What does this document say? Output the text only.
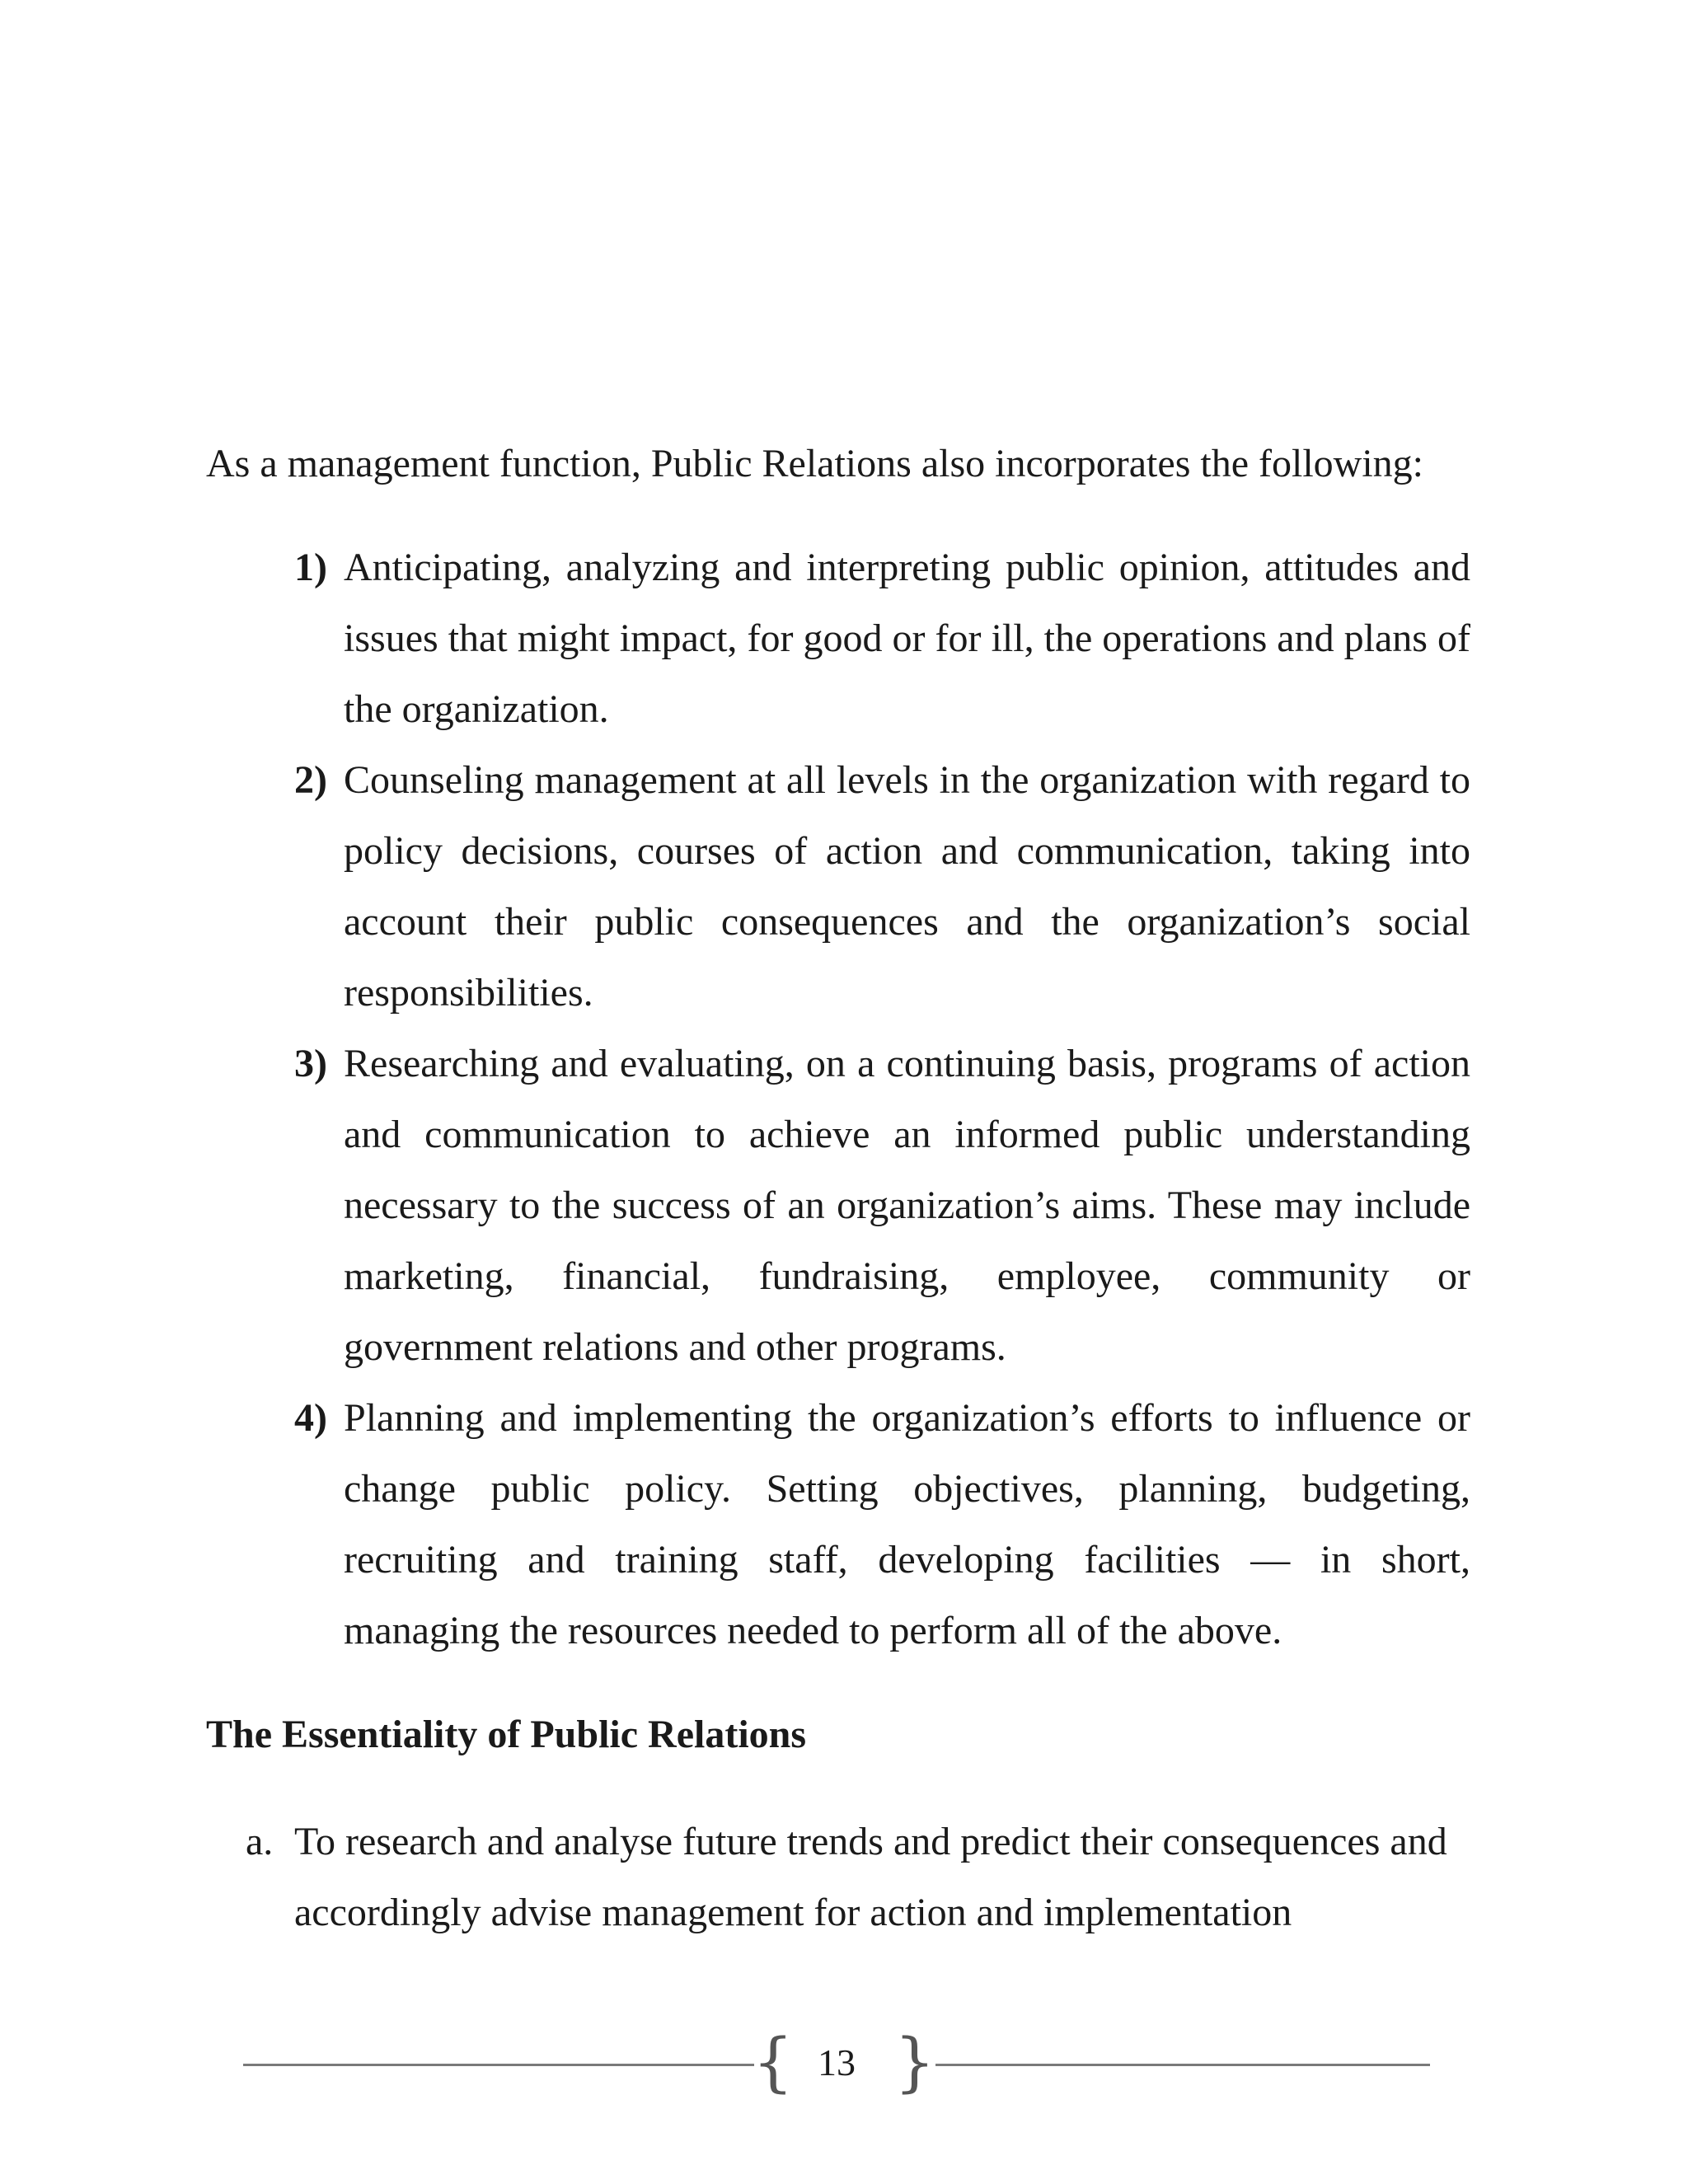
As a management function, Public Relations also incorporates the following:

1) Anticipating, analyzing and interpreting public opinion, attitudes and issues that might impact, for good or for ill, the operations and plans of the organization.
2) Counseling management at all levels in the organization with regard to policy decisions, courses of action and communication, taking into account their public consequences and the organization’s social responsibilities.
3) Researching and evaluating, on a continuing basis, programs of action and communication to achieve an informed public understanding necessary to the success of an organization’s aims. These may include marketing, financial, fundraising, employee, community or government relations and other programs.
4) Planning and implementing the organization’s efforts to influence or change public policy. Setting objectives, planning, budgeting, recruiting and training staff, developing facilities — in short, managing the resources needed to perform all of the above.
The Essentiality of Public Relations
a. To research and analyse future trends and predict their consequences and accordingly advise management for action and implementation
{ 13 }
